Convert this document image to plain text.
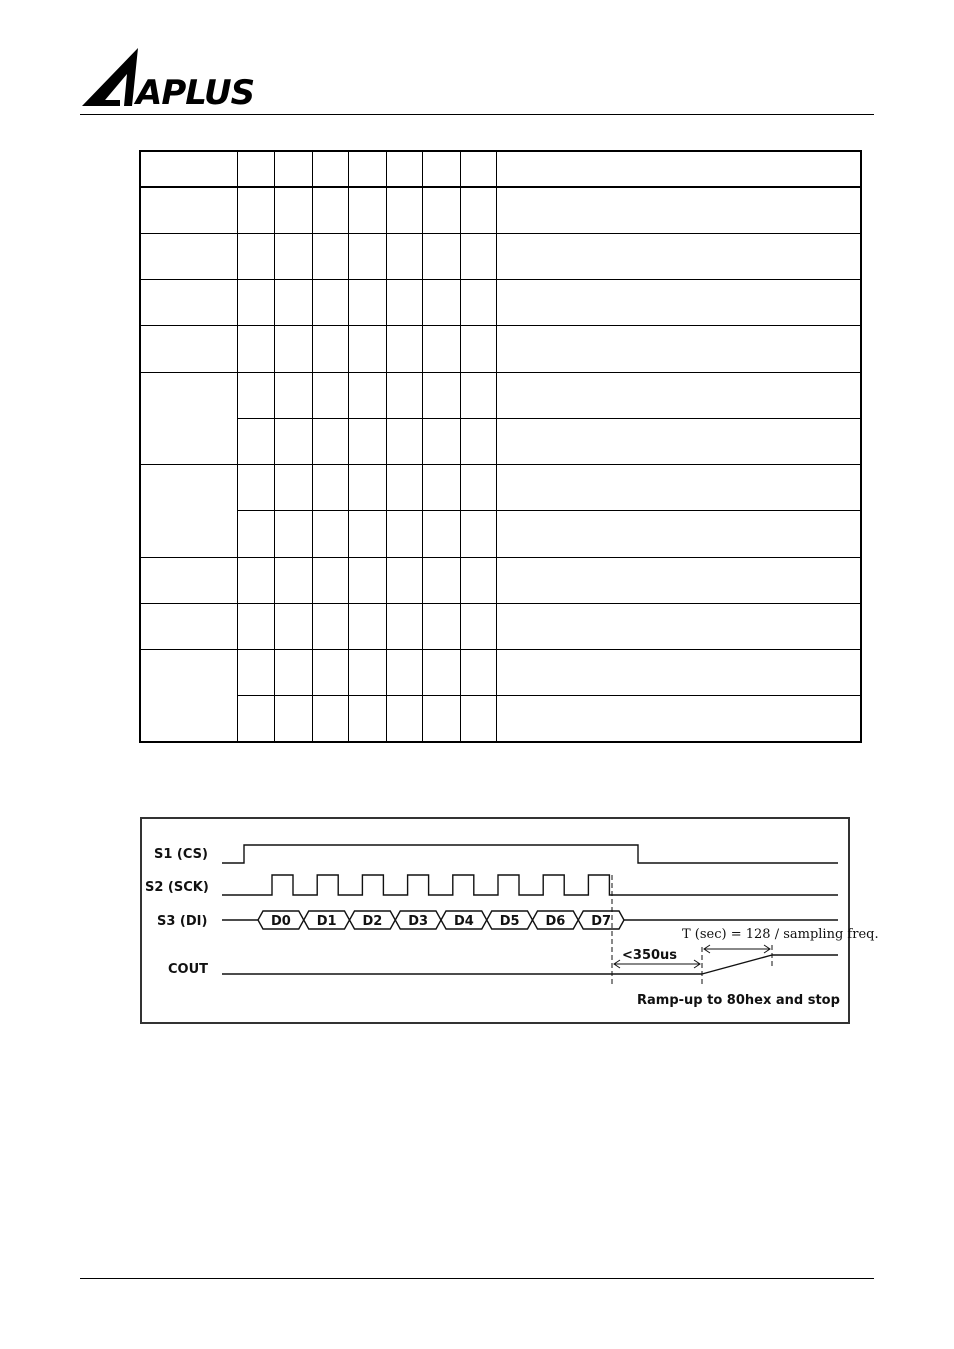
APLUS

S1 (CS)
S2 (SCK)
S3 (DI)
COUT
D0 D1 D2 D3 D4 D5 D6 D7
T (sec) = 128 / sampling freq.
<350us
Ramp-up to 80hex and stop
